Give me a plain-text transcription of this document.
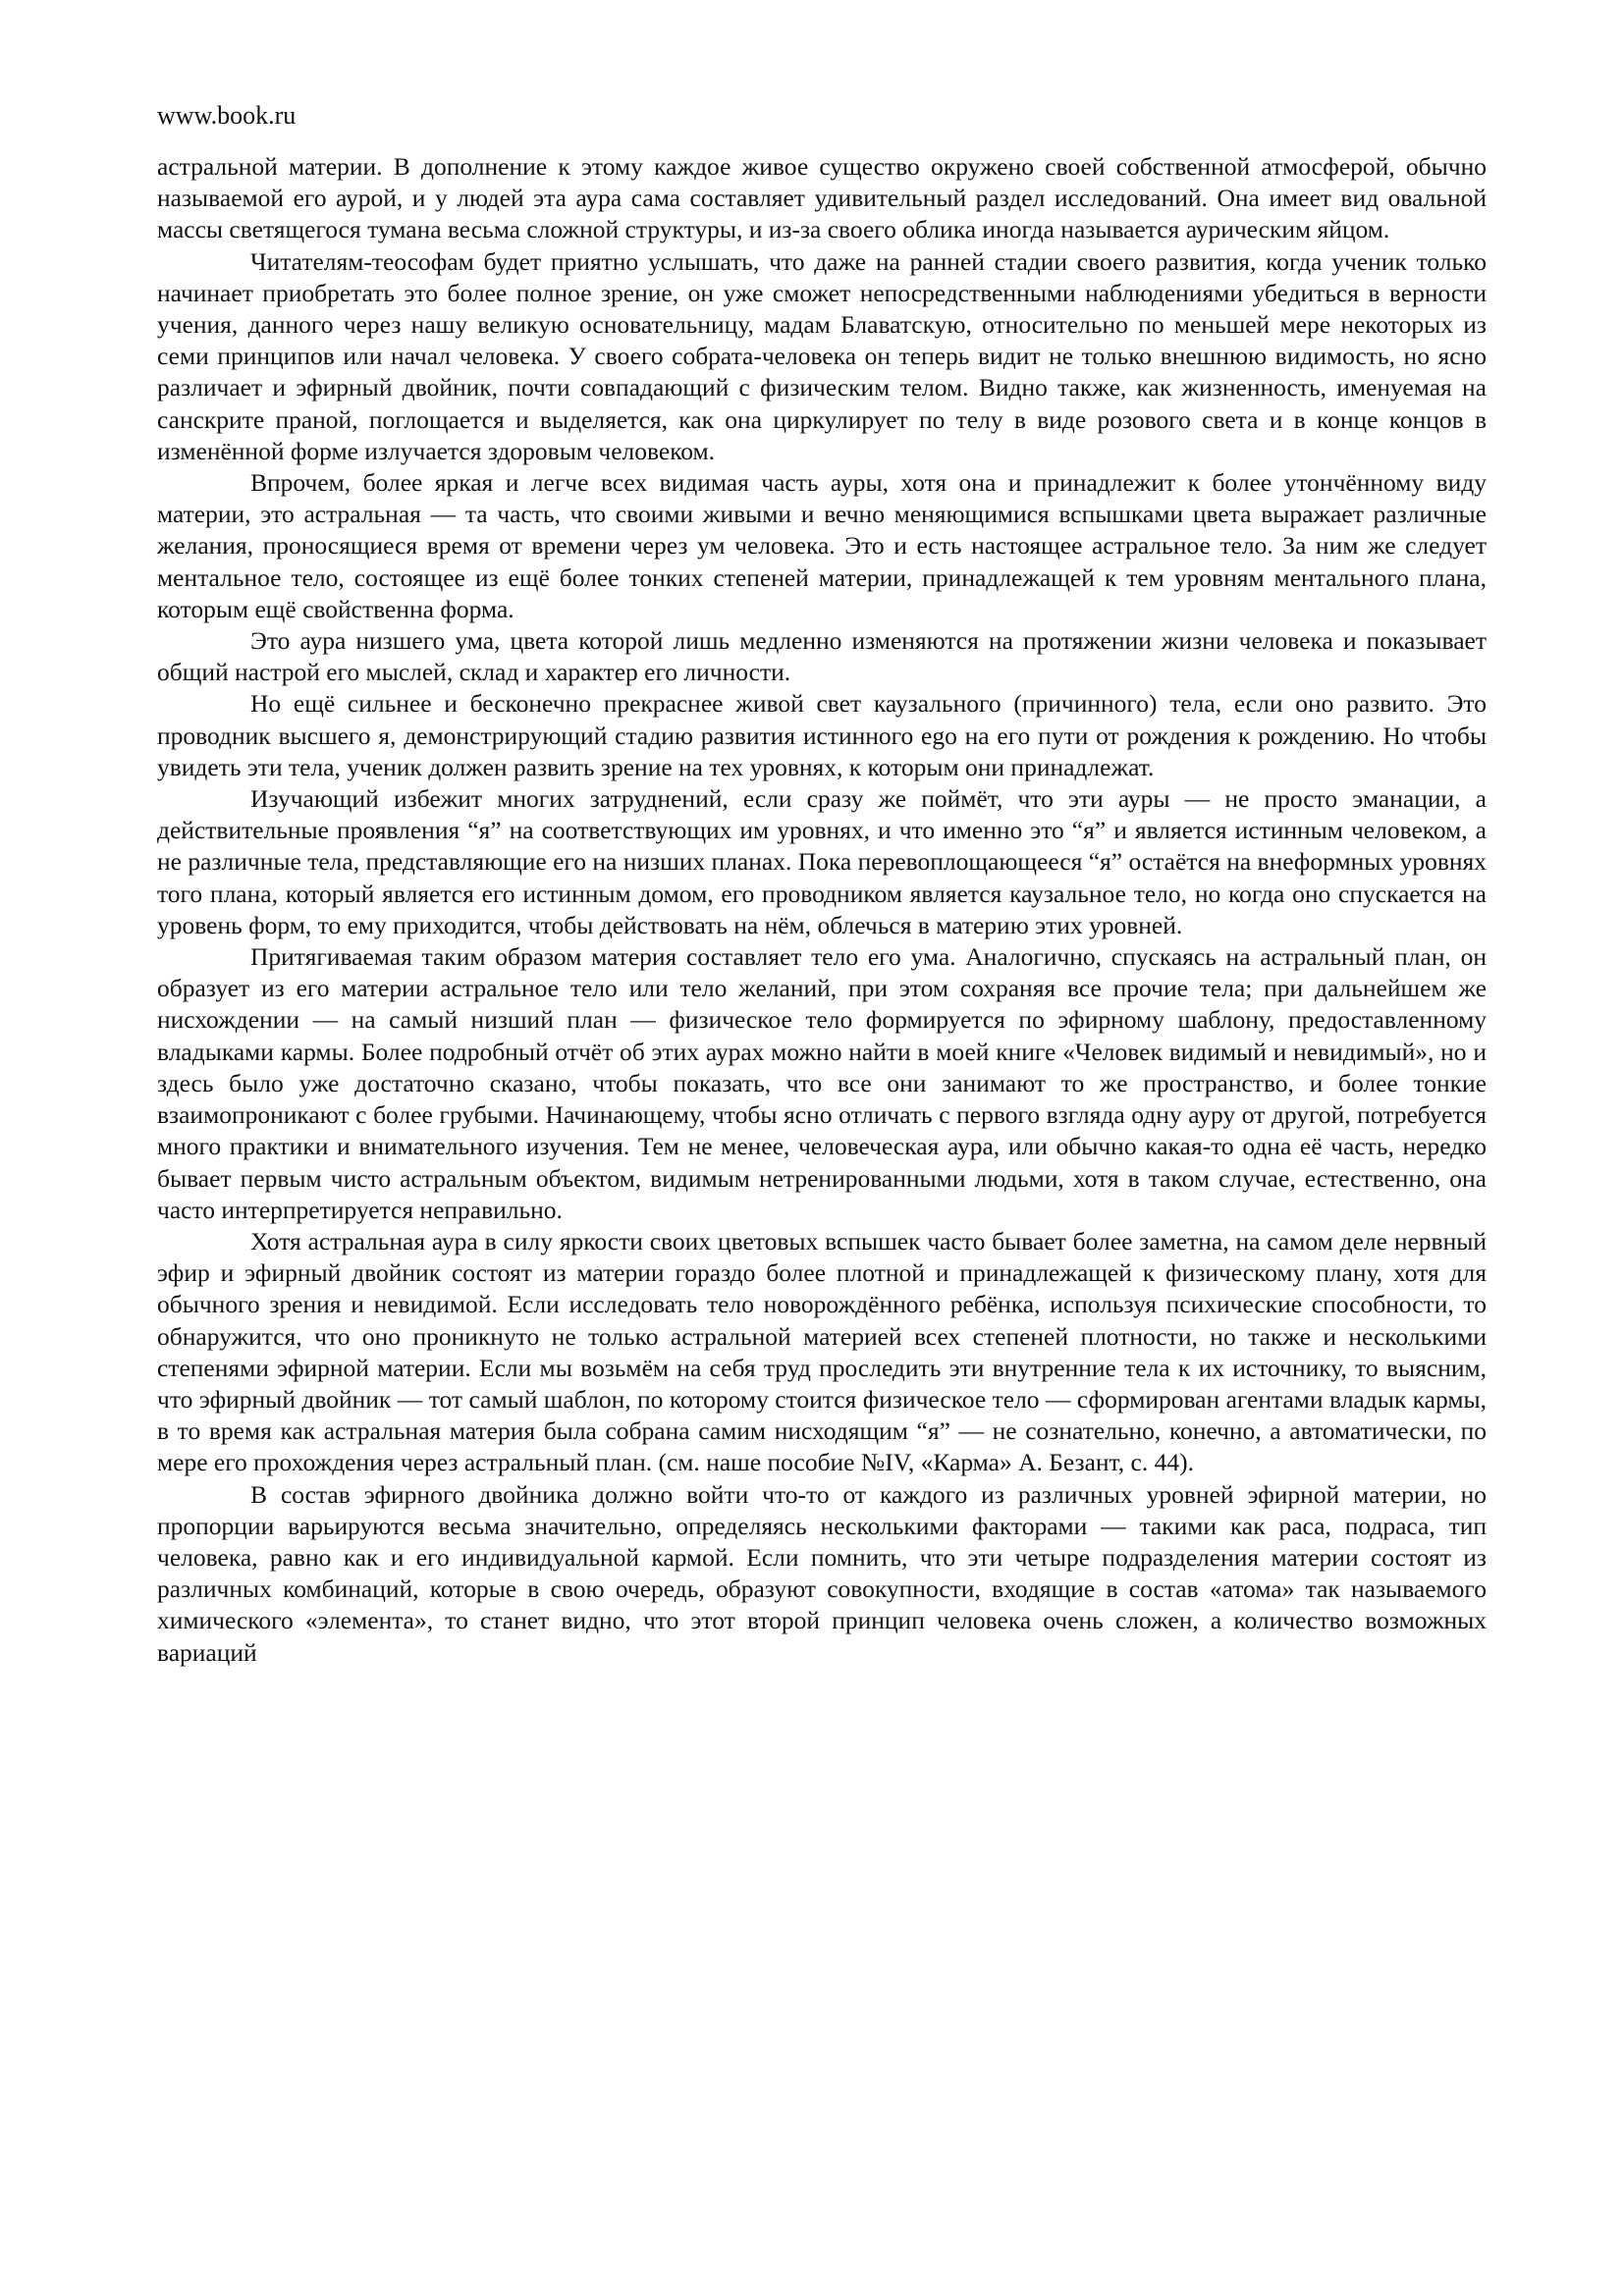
www.book.ru

астральной материи. В дополнение к этому каждое живое существо окружено своей собственной атмосферой, обычно называемой его аурой, и у людей эта аура сама составляет удивительный раздел исследований. Она имеет вид овальной массы светящегося тумана весьма сложной структуры, и из-за своего облика иногда называется аурическим яйцом.

Читателям-теософам будет приятно услышать, что даже на ранней стадии своего развития, когда ученик только начинает приобретать это более полное зрение, он уже сможет непосредственными наблюдениями убедиться в верности учения, данного через нашу великую основательницу, мадам Блаватскую, относительно по меньшей мере некоторых из семи принципов или начал человека. У своего собрата-человека он теперь видит не только внешнюю видимость, но ясно различает и эфирный двойник, почти совпадающий с физическим телом. Видно также, как жизненность, именуемая на санскрите праной, поглощается и выделяется, как она циркулирует по телу в виде розового света и в конце концов в изменённой форме излучается здоровым человеком.

Впрочем, более яркая и легче всех видимая часть ауры, хотя она и принадлежит к более утончённому виду материи, это астральная — та часть, что своими живыми и вечно меняющимися вспышками цвета выражает различные желания, проносящиеся время от времени через ум человека. Это и есть настоящее астральное тело. За ним же следует ментальное тело, состоящее из ещё более тонких степеней материи, принадлежащей к тем уровням ментального плана, которым ещё свойственна форма.

Это аура низшего ума, цвета которой лишь медленно изменяются на протяжении жизни человека и показывает общий настрой его мыслей, склад и характер его личности.

Но ещё сильнее и бесконечно прекраснее живой свет каузального (причинного) тела, если оно развито. Это проводник высшего я, демонстрирующий стадию развития истинного ego на его пути от рождения к рождению. Но чтобы увидеть эти тела, ученик должен развить зрение на тех уровнях, к которым они принадлежат.

Изучающий избежит многих затруднений, если сразу же поймёт, что эти ауры — не просто эманации, а действительные проявления “я” на соответствующих им уровнях, и что именно это “я” и является истинным человеком, а не различные тела, представляющие его на низших планах. Пока перевоплощающееся “я” остаётся на внеформных уровнях того плана, который является его истинным домом, его проводником является каузальное тело, но когда оно спускается на уровень форм, то ему приходится, чтобы действовать на нём, облечься в материю этих уровней.

Притягиваемая таким образом материя составляет тело его ума. Аналогично, спускаясь на астральный план, он образует из его материи астральное тело или тело желаний, при этом сохраняя все прочие тела; при дальнейшем же нисхождении — на самый низший план — физическое тело формируется по эфирному шаблону, предоставленному владыками кармы. Более подробный отчёт об этих аурах можно найти в моей книге «Человек видимый и невидимый», но и здесь было уже достаточно сказано, чтобы показать, что все они занимают то же пространство, и более тонкие взаимопроникают с более грубыми. Начинающему, чтобы ясно отличать с первого взгляда одну ауру от другой, потребуется много практики и внимательного изучения. Тем не менее, человеческая аура, или обычно какая-то одна её часть, нередко бывает первым чисто астральным объектом, видимым нетренированными людьми, хотя в таком случае, естественно, она часто интерпретируется неправильно.

Хотя астральная аура в силу яркости своих цветовых вспышек часто бывает более заметна, на самом деле нервный эфир и эфирный двойник состоят из материи гораздо более плотной и принадлежащей к физическому плану, хотя для обычного зрения и невидимой. Если исследовать тело новорождённого ребёнка, используя психические способности, то обнаружится, что оно проникнуто не только астральной материей всех степеней плотности, но также и несколькими степенями эфирной материи. Если мы возьмём на себя труд проследить эти внутренние тела к их источнику, то выясним, что эфирный двойник — тот самый шаблон, по которому стоится физическое тело — сформирован агентами владык кармы, в то время как астральная материя была собрана самим нисходящим “я” — не сознательно, конечно, а автоматически, по мере его прохождения через астральный план. (см. наше пособие №IV, «Карма» А. Безант, с. 44).

В состав эфирного двойника должно войти что-то от каждого из различных уровней эфирной материи, но пропорции варьируются весьма значительно, определяясь несколькими факторами — такими как раса, подраса, тип человека, равно как и его индивидуальной кармой. Если помнить, что эти четыре подразделения материи состоят из различных комбинаций, которые в свою очередь, образуют совокупности, входящие в состав «атома» так называемого химического «элемента», то станет видно, что этот второй принцип человека очень сложен, а количество возможных вариаций
